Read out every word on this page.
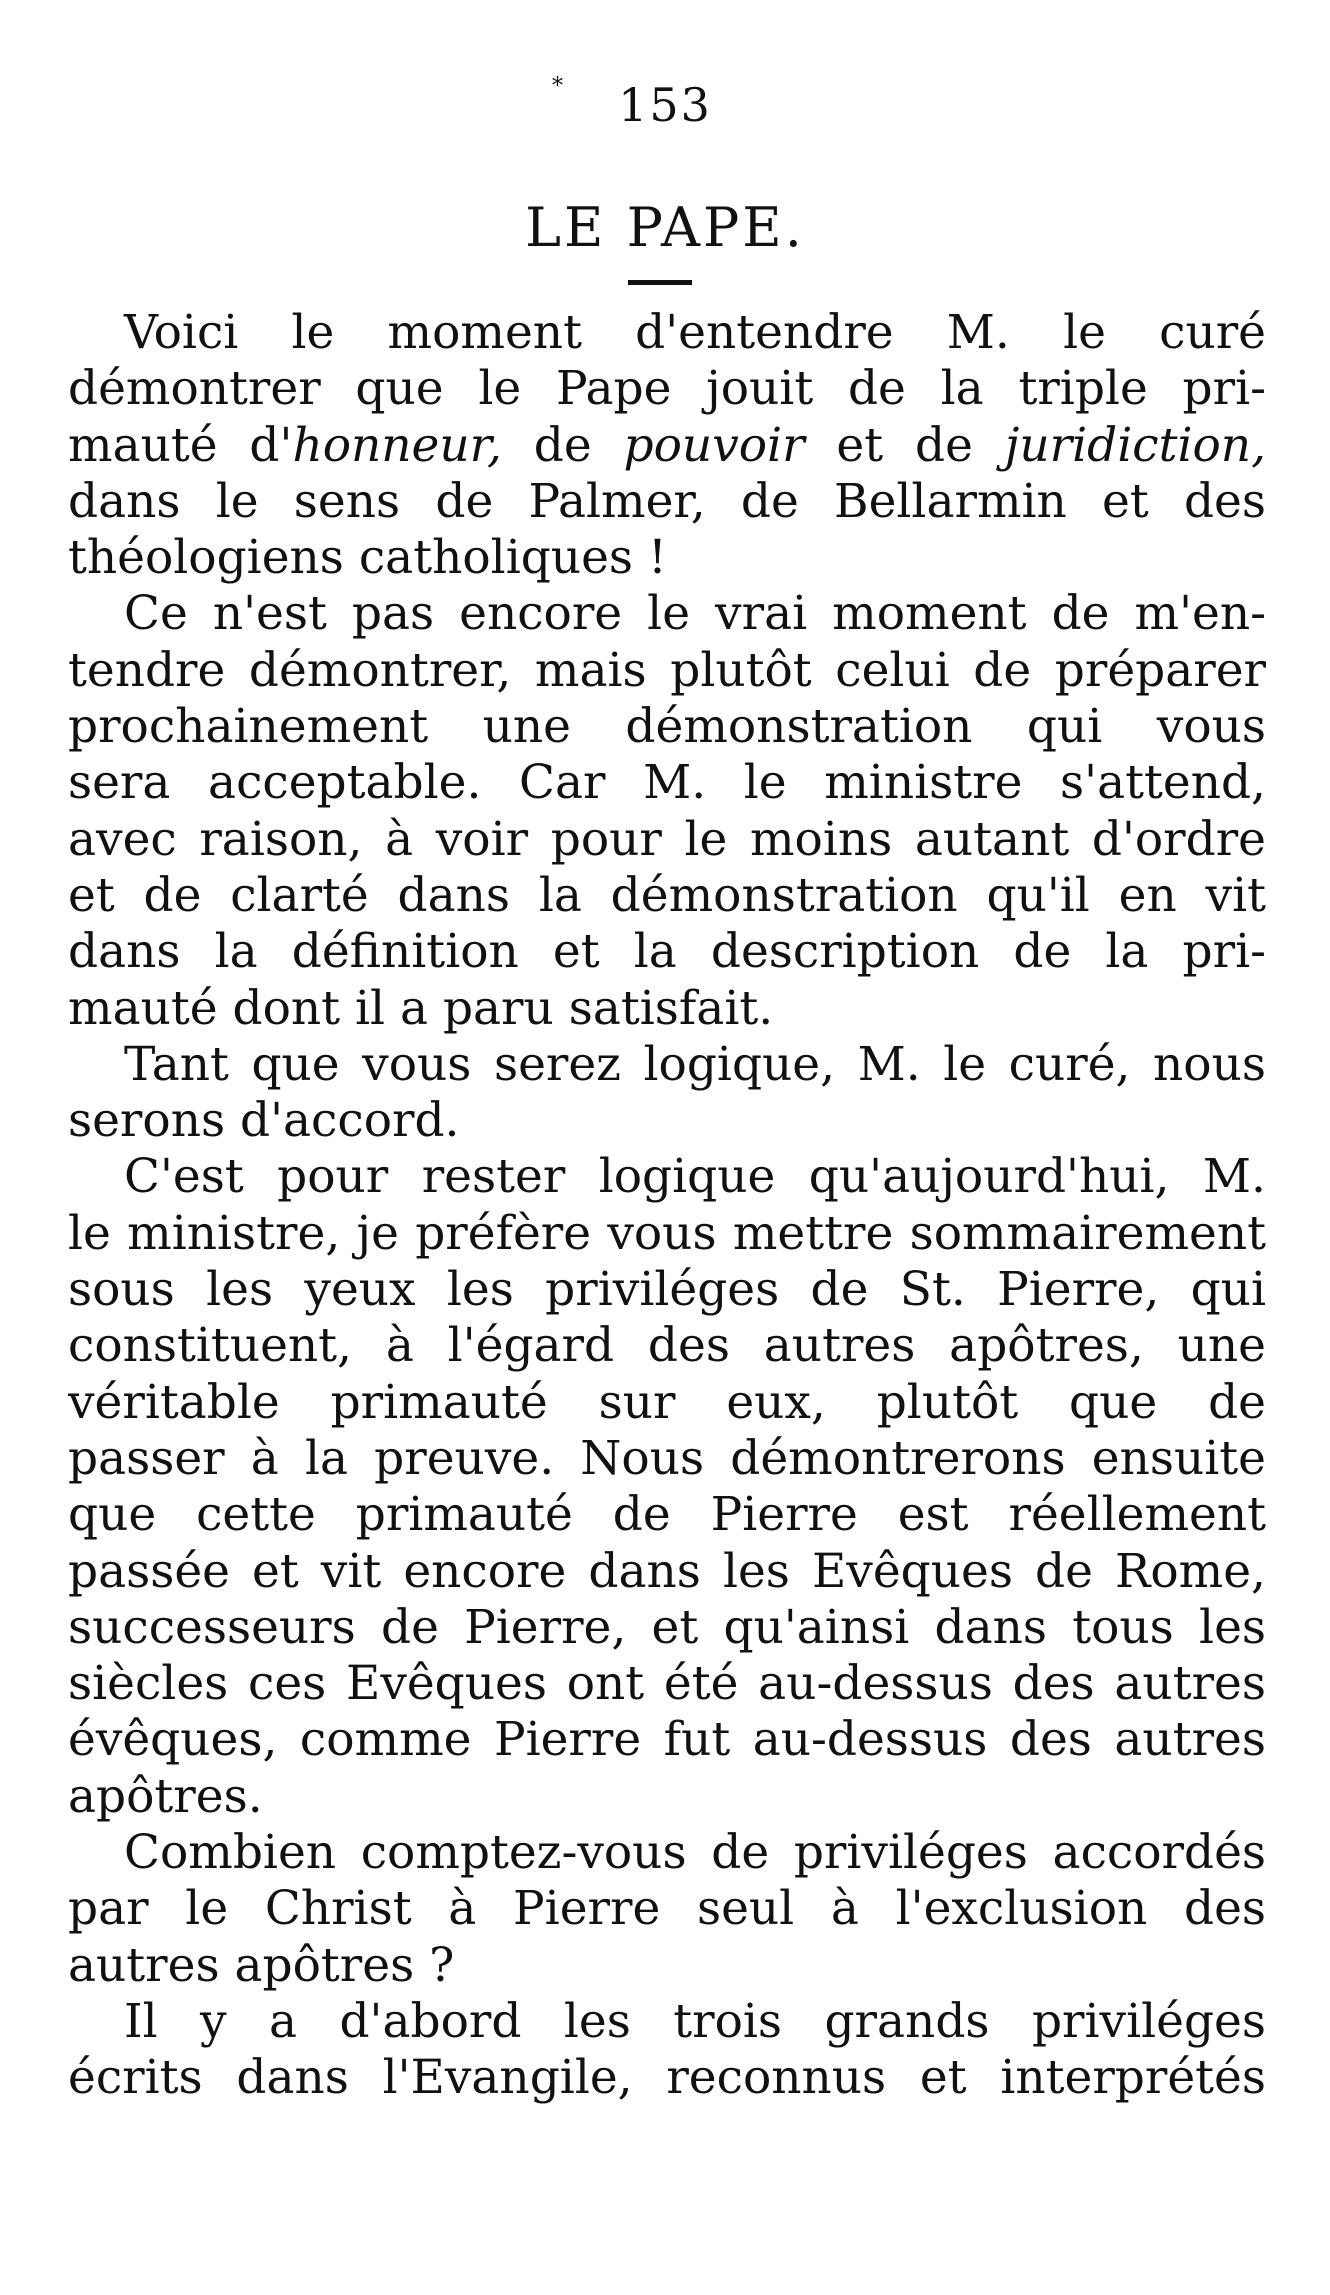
*	153
LE PAPE.
Voici le moment d'entendre M. le curé
démontrer que le Pape jouit de la triple pri-
mauté d'honneur, de pouvoir et de juridiction,
dans le sens de Palmer, de Bellarmin et des
théologiens catholiques !
Ce n'est pas encore le vrai moment de m'en-
tendre démontrer, mais plutôt celui de préparer
prochainement une démonstration qui vous
sera acceptable. Car M. le ministre s'attend,
avec raison, à voir pour le moins autant d'ordre
et de clarté dans la démonstration qu'il en vit
dans la définition et la description de la pri-
mauté dont il a paru satisfait.
Tant que vous serez logique, M. le curé, nous
serons d'accord.
C'est pour rester logique qu'aujourd'hui, M.
le ministre, je préfère vous mettre sommairement
sous les yeux les priviléges de St. Pierre, qui
constituent, à l'égard des autres apôtres, une
véritable primauté sur eux, plutôt que de
passer à la preuve. Nous démontrerons ensuite
que cette primauté de Pierre est réellement
passée et vit encore dans les Evêques de Rome,
successeurs de Pierre, et qu'ainsi dans tous les
siècles ces Evêques ont été au-dessus des autres
évêques, comme Pierre fut au-dessus des autres
apôtres.
Combien comptez-vous de priviléges accordés
par le Christ à Pierre seul à l'exclusion des
autres apôtres ?
Il y a d'abord les trois grands priviléges
écrits dans l'Evangile, reconnus et interprétés
